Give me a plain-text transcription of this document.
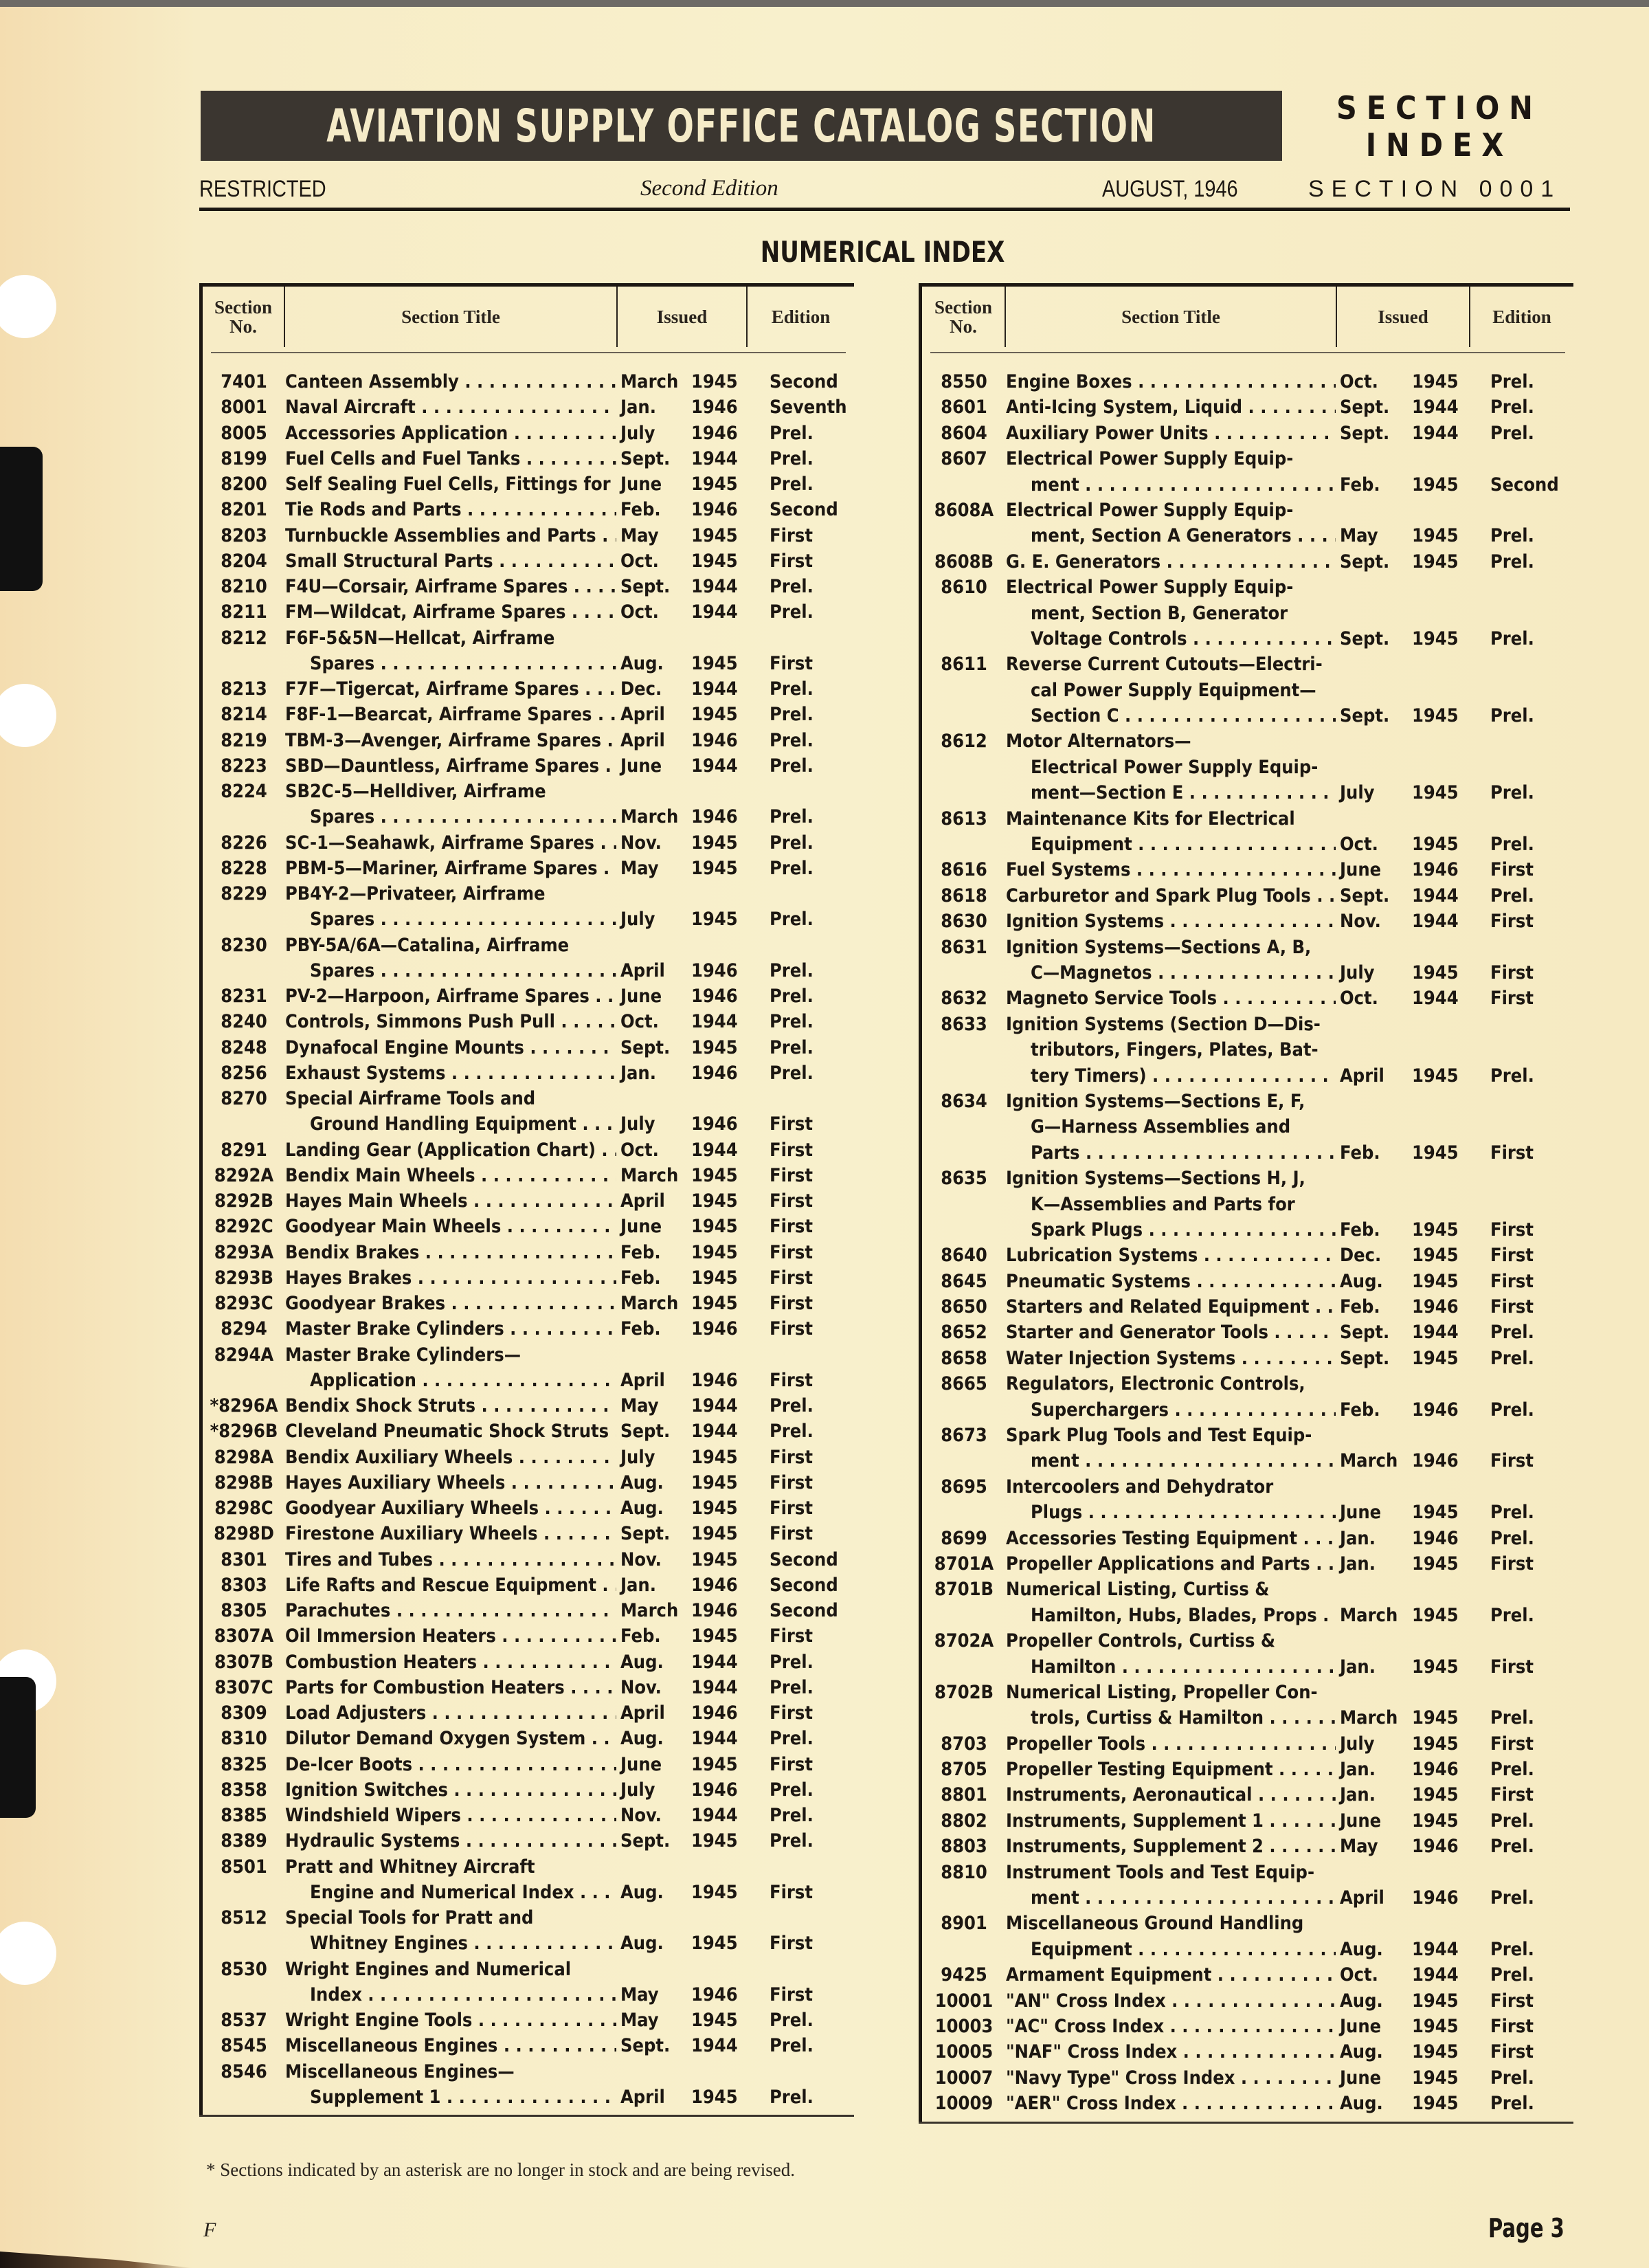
AVIATION SUPPLY OFFICE CATALOG SECTION	SECTION
INDEX
RESTRICTED	Second Edition	AUGUST, 1946	SECTION 0001
NUMERICAL INDEX
Section
No.	Section Title	Issued	Edition
7401 Canteen Assembly . . .	March 1945	Second
8001 Naval Aircraft . . .	Jan.	1946	Seventh
8005 Accessories Application . . .	July	1946	Prel.
8199 Fuel Cells and Fuel Tanks . . .	Sept.	1944	Prel.
8200 Self Sealing Fuel Cells, Fittings for . . . June	1945	Prel.
8201 Tie Rods and Parts . . .	Feb.	1946	Second
8203 Turnbuckle Assemblies and Parts . . .	May	1945	First
8204 Small Structural Parts . . .	Oct.	1945	First
8210 F4U—Corsair, Airframe Spares . . .	Sept.	1944	Prel.
8211 FM—Wildcat, Airframe Spares . . .	Oct.	1944	Prel.
8212 F6F-5&5N—Hellcat, Airframe
Spares . . .	Aug.	1945	First
8213 F7F—Tigercat, Airframe Spares . . .	Dec.	1944	Prel.
8214 F8F-1—Bearcat, Airframe Spares . . .	April	1945	Prel.
8219 TBM-3—Avenger, Airframe Spares . . .	April	1946	Prel.
8223 SBD—Dauntless, Airframe Spares . . .	June	1944	Prel.
8224 SB2C-5—Helldiver, Airframe
Spares . . .	March 1946	Prel.
8226 SC-1—Seahawk, Airframe Spares . . .	Nov.	1945	Prel.
8228 PBM-5—Mariner, Airframe Spares . . .	May	1945	Prel.
8229 PB4Y-2—Privateer, Airframe
Spares . . .	July	1945	Prel.
8230 PBY-5A/6A—Catalina, Airframe
Spares . . .	April	1946	Prel.
8231 PV-2—Harpoon, Airframe Spares . . .	June	1946	Prel.
8240 Controls, Simmons Push Pull . . .	Oct.	1944	Prel.
8248 Dynafocal Engine Mounts . . .	Sept.	1945	Prel.
8256 Exhaust Systems . . .	Jan.	1946	Prel.
8270 Special Airframe Tools and
Ground Handling Equipment . . .	July	1946	First
8291 Landing Gear (Application Chart) . . .	Oct.	1944	First
8292A Bendix Main Wheels . . .	March 1945	First
8292B Hayes Main Wheels . . .	April	1945	First
8292C Goodyear Main Wheels . . .	June	1945	First
8293A Bendix Brakes . . .	Feb.	1945	First
8293B Hayes Brakes . . .	Feb.	1945	First
8293C Goodyear Brakes . . .	March 1945	First
8294 Master Brake Cylinders . . .	Feb.	1946	First
8294A Master Brake Cylinders—
Application . . .	April	1946	First
*8296A Bendix Shock Struts . . .	May	1944	Prel.
*8296B Cleveland Pneumatic Shock Struts . . . Sept.	1944	Prel.
8298A Bendix Auxiliary Wheels . . .	July	1945	First
8298B Hayes Auxiliary Wheels . . .	Aug.	1945	First
8298C Goodyear Auxiliary Wheels . . .	Aug.	1945	First
8298D Firestone Auxiliary Wheels . . .	Sept.	1945	First
8301 Tires and Tubes . . .	Nov.	1945	Second
8303 Life Rafts and Rescue Equipment . . .	Jan.	1946	Second
8305 Parachutes . . .	March 1946	Second
8307A Oil Immersion Heaters . . .	Feb.	1945	First
8307B Combustion Heaters . . .	Aug.	1944	Prel.
8307C Parts for Combustion Heaters . . .	Nov.	1944	Prel.
8309 Load Adjusters . . .	April	1946	First
8310 Dilutor Demand Oxygen System . . .	Aug.	1944	Prel.
8325 De-Icer Boots . . .	June	1945	First
8358 Ignition Switches . . .	July	1946	Prel.
8385 Windshield Wipers . . .	Nov.	1944	Prel.
8389 Hydraulic Systems . . .	Sept.	1945	Prel.
8501 Pratt and Whitney Aircraft
Engine and Numerical Index . . .	Aug.	1945	First
8512 Special Tools for Pratt and
Whitney Engines . . .	Aug.	1945	First
8530 Wright Engines and Numerical
Index . . .	May	1946	First
8537 Wright Engine Tools . . .	May	1945	Prel.
8545 Miscellaneous Engines . . .	Sept.	1944	Prel.
8546 Miscellaneous Engines—
Supplement 1 . . .	April	1945	Prel.
Section
No.	Section Title	Issued	Edition
8550	Engine Boxes . . .	Oct.	1945	Prel.
8601	Anti-Icing System, Liquid . . .	Sept.	1944	Prel.
8604	Auxiliary Power Units . . .	Sept.	1944	Prel.
8607	Electrical Power Supply Equip-
ment . . .	Feb.	1945	Second
8608A Electrical Power Supply Equip-
ment, Section A Generators . . .	May	1945	Prel.
8608B G. E. Generators . . .	Sept.	1945	Prel.
8610	Electrical Power Supply Equip-
ment, Section B, Generator
Voltage Controls . . .	Sept.	1945	Prel.
8611	Reverse Current Cutouts—Electri-
cal Power Supply Equipment—
Section C . . .	Sept.	1945	Prel.
8612	Motor Alternators—
Electrical Power Supply Equip-
ment—Section E . . .	July	1945	Prel.
8613	Maintenance Kits for Electrical
Equipment . . .	Oct.	1945	Prel.
8616	Fuel Systems . . .	June	1946	First
8618	Carburetor and Spark Plug Tools . . .	Sept.	1944	Prel.
8630	Ignition Systems . . .	Nov.	1944	First
8631	Ignition Systems—Sections A, B,
C—Magnetos . . .	July	1945	First
8632	Magneto Service Tools . . .	Oct.	1944	First
8633	Ignition Systems (Section D—Dis-
tributors, Fingers, Plates, Bat-
tery Timers) . . .	April	1945	Prel.
8634	Ignition Systems—Sections E, F,
G—Harness Assemblies and
Parts . . .	Feb.	1945	First
8635	Ignition Systems—Sections H, J,
K—Assemblies and Parts for
Spark Plugs . . .	Feb.	1945	First
8640	Lubrication Systems . . .	Dec.	1945	First
8645	Pneumatic Systems . . .	Aug.	1945	First
8650	Starters and Related Equipment . . .	Feb.	1946	First
8652	Starter and Generator Tools . . .	Sept.	1944	Prel.
8658	Water Injection Systems . . .	Sept.	1945	Prel.
8665	Regulators, Electronic Controls,
Superchargers . . .	Feb.	1946	Prel.
8673	Spark Plug Tools and Test Equip-
ment . . .	March 1946	First
8695	Intercoolers and Dehydrator
Plugs . . .	June	1945	Prel.
8699	Accessories Testing Equipment . . .	Jan.	1946	Prel.
8701A Propeller Applications and Parts . . .	Jan.	1945	First
8701B Numerical Listing, Curtiss &
Hamilton, Hubs, Blades, Props . . .	March 1945	Prel.
8702A Propeller Controls, Curtiss &
Hamilton . . .	Jan.	1945	First
8702B Numerical Listing, Propeller Con-
trols, Curtiss & Hamilton . . .	March 1945	Prel.
8703	Propeller Tools . . .	July	1945	First
8705	Propeller Testing Equipment . . .	Jan.	1946	Prel.
8801	Instruments, Aeronautical . . .	Jan.	1945	First
8802	Instruments, Supplement 1 . . .	June	1945	Prel.
8803	Instruments, Supplement 2 . . .	May	1946	Prel.
8810	Instrument Tools and Test Equip-
ment . . .	April	1946	Prel.
8901	Miscellaneous Ground Handling
Equipment . . .	Aug.	1944	Prel.
9425	Armament Equipment . . .	Oct.	1944	Prel.
10001 "AN" Cross Index . . .	Aug.	1945	First
10003 "AC" Cross Index . . .	June	1945	First
10005 "NAF" Cross Index . . .	Aug.	1945	First
10007 "Navy Type" Cross Index . . .	June	1945	Prel.
10009 "AER" Cross Index . . .	Aug.	1945	Prel.
* Sections indicated by an asterisk are no longer in stock and are being revised.
F	Page 3
